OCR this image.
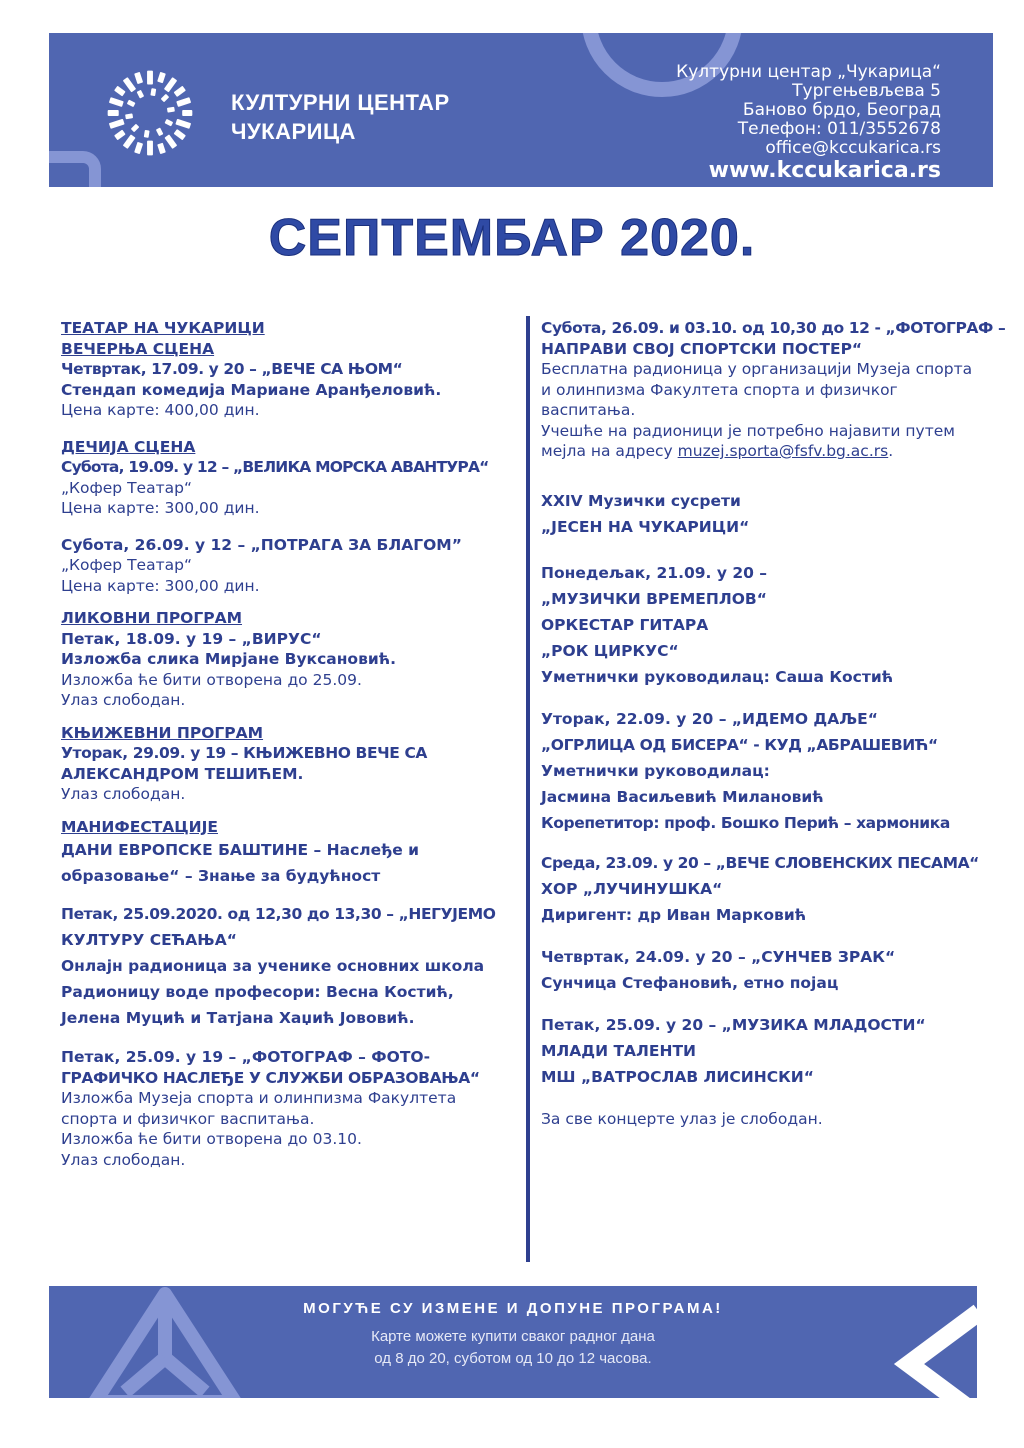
КУЛТУРНИ ЦЕНТАР
ЧУКАРИЦА
Културни центар „Чукарица“
Тургењевљева 5
Баново брдо, Београд
Телефон: 011/3552678
office@kccukarica.rs
www.kccukarica.rs
СЕПТЕМБАР 2020.
ТЕАТАР НА ЧУКАРИЦИ
ВЕЧЕРЊА СЦЕНА
Четвртак, 17.09. у 20 – „ВЕЧЕ СА ЊОМ“
Стендап комедија Мариане Аранђеловић.
Цена карте: 400,00 дин.
ДЕЧИЈА СЦЕНА
Субота, 19.09. у 12 – „ВЕЛИКА МОРСКА АВАНТУРА“
„Кофер Театар“
Цена карте: 300,00 дин.
Субота, 26.09. у 12 – „ПОТРАГА ЗА БЛАГОМ”
„Кофер Театар“
Цена карте: 300,00 дин.
ЛИКОВНИ ПРОГРАМ
Петак, 18.09. у 19 – „ВИРУС“
Изложба слика Мирјане Вуксановић.
Изложба ће бити отворена до 25.09.
Улаз слободан.
КЊИЖЕВНИ ПРОГРАМ
Уторак, 29.09. у 19 – КЊИЖЕВНО ВЕЧЕ СА
АЛЕКСАНДРОМ ТЕШИЋЕМ.
Улаз слободан.
МАНИФЕСТАЦИЈЕ
ДАНИ ЕВРОПСКЕ БАШТИНЕ – Наслеђе и
образовање“ – Знање за будућност
Петак, 25.09.2020. од 12,30 до 13,30 – „НЕГУЈЕМО
КУЛТУРУ СЕЋАЊА“
Онлајн радионица за ученике основних школа
Радионицу воде професори: Весна Костић,
Јелена Муцић и Татјана Хаџић Јововић.
Петак, 25.09. у 19 – „ФОТОГРАФ – ФОТО-
ГРАФИЧКО НАСЛЕЂЕ У СЛУЖБИ ОБРАЗОВАЊА“
Изложба Музеја спорта и олинпизма Факултета
спорта и физичког васпитања.
Изложба ће бити отворена до 03.10.
Улаз слободан.
Субота, 26.09. и 03.10. од 10,30 до 12 - „ФОТОГРАФ –
НАПРАВИ СВОЈ СПОРТСКИ ПОСТЕР“
Бесплатна радионица у организацији Музеја спорта
и олинпизма Факултета спорта и физичког
васпитања.
Учешће на радионици је потребно најавити путем
мејла на адресу muzej.sporta@fsfv.bg.ac.rs.
XXIV Музички сусрети
„ЈЕСЕН НА ЧУКАРИЦИ“
Понедељак, 21.09. у 20 –
„МУЗИЧКИ ВРЕМЕПЛОВ“
ОРКЕСТАР ГИТАРА
„РОК ЦИРКУС“
Уметнички руководилац: Саша Костић
Уторак, 22.09. у 20 – „ИДЕМО ДАЉЕ“
„ОГРЛИЦА ОД БИСЕРА“ - КУД „АБРАШЕВИЋ“
Уметнички руководилац:
Јасмина Васиљевић Милановић
Корепетитор: проф. Бошко Перић – хармоника
Среда, 23.09. у 20 – „ВЕЧЕ СЛОВЕНСКИХ ПЕСАМА“
ХОР „ЛУЧИНУШКА“
Диригент: др Иван Марковић
Четвртак, 24.09. у 20 – „СУНЧЕВ ЗРАК“
Сунчица Стефановић, етно појац
Петак, 25.09. у 20 – „МУЗИКА МЛАДОСТИ“
МЛАДИ ТАЛЕНТИ
МШ „ВАТРОСЛАВ ЛИСИНСКИ“
За све концерте улаз је слободан.
МОГУЋЕ СУ ИЗМЕНЕ И ДОПУНЕ ПРОГРАМА!
Карте можете купити сваког радног дана
од 8 до 20, суботом од 10 до 12 часова.
